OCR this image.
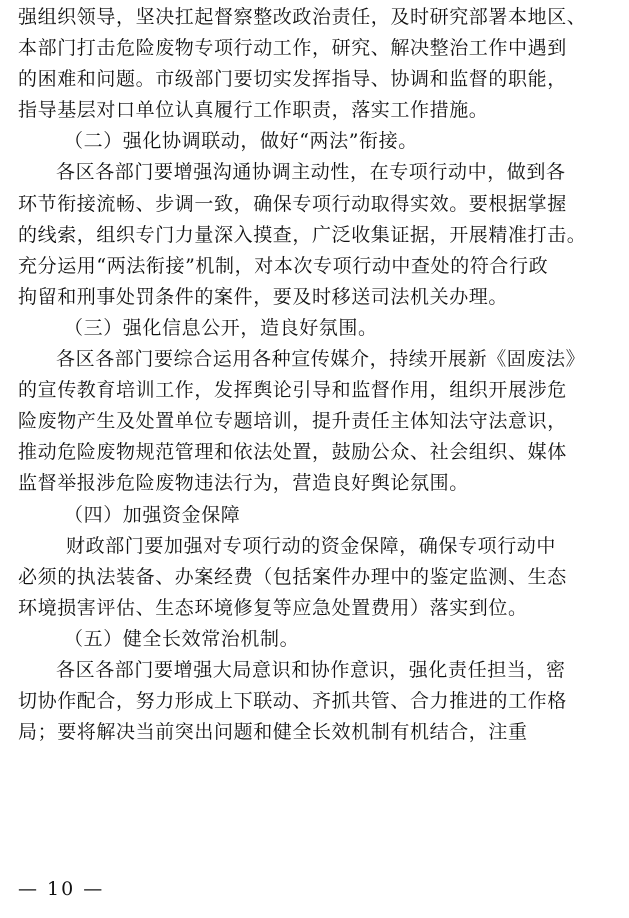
强组织领导，坚决扛起督察整改政治责任，及时研究部署本地区、
本部门打击危险废物专项行动工作，研究、解决整治工作中遇到
的困难和问题。市级部门要切实发挥指导、协调和监督的职能，
指导基层对口单位认真履行工作职责，落实工作措施。
（二）强化协调联动，做好“两法”衔接。
各区各部门要增强沟通协调主动性，在专项行动中，做到各
环节衔接流畅、步调一致，确保专项行动取得实效。要根据掌握
的线索，组织专门力量深入摸查，广泛收集证据，开展精准打击。
充分运用“两法衔接”机制，对本次专项行动中查处的符合行政
拘留和刑事处罚条件的案件，要及时移送司法机关办理。
（三）强化信息公开，造良好氛围。
各区各部门要综合运用各种宣传媒介，持续开展新《固废法》
的宣传教育培训工作，发挥舆论引导和监督作用，组织开展涉危
险废物产生及处置单位专题培训，提升责任主体知法守法意识，
推动危险废物规范管理和依法处置，鼓励公众、社会组织、媒体
监督举报涉危险废物违法行为，营造良好舆论氛围。
（四）加强资金保障
财政部门要加强对专项行动的资金保障，确保专项行动中
必须的执法装备、办案经费（包括案件办理中的鉴定监测、生态
环境损害评估、生态环境修复等应急处置费用）落实到位。
（五）健全长效常治机制。
各区各部门要增强大局意识和协作意识，强化责任担当，密
切协作配合，努力形成上下联动、齐抓共管、合力推进的工作格
局；要将解决当前突出问题和健全长效机制有机结合，注重
— 10 —
